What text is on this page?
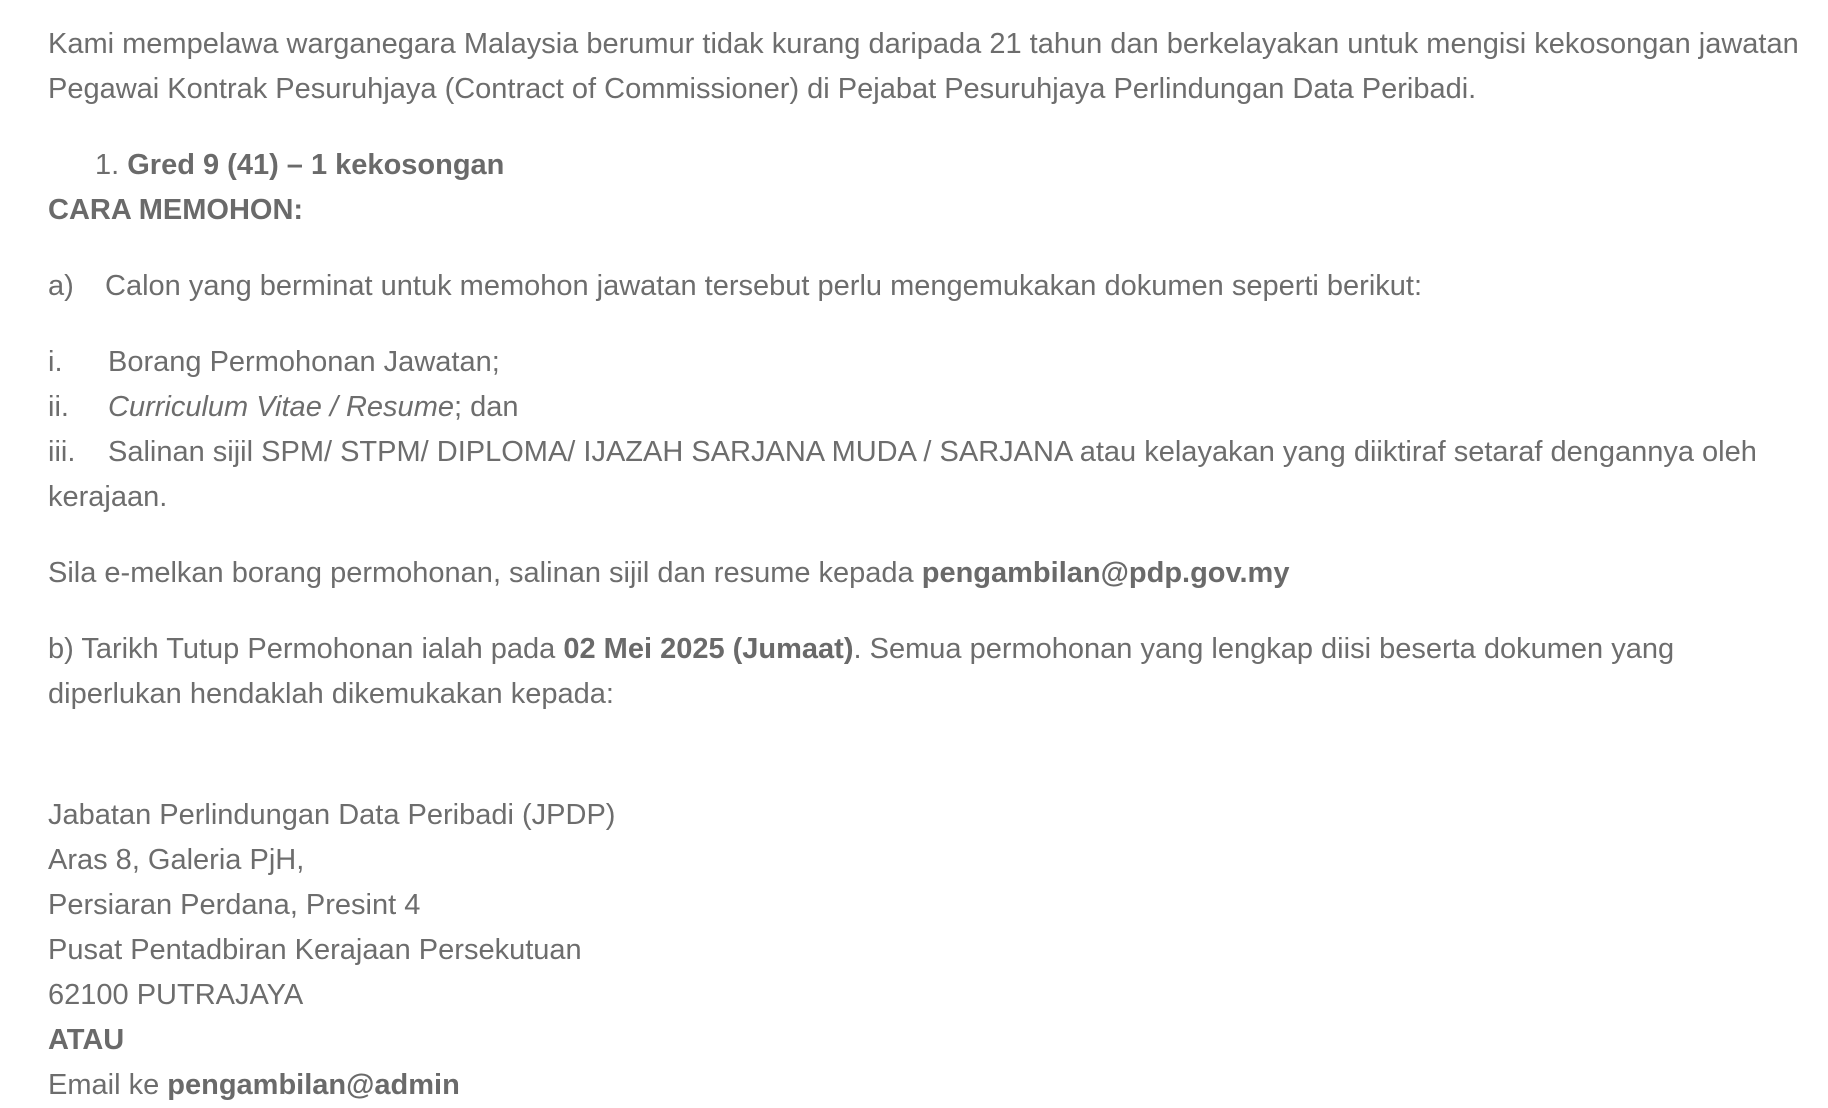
Kami mempelawa warganegara Malaysia berumur tidak kurang daripada 21 tahun dan berkelayakan untuk mengisi kekosongan jawatan Pegawai Kontrak Pesuruhjaya (Contract of Commissioner) di Pejabat Pesuruhjaya Perlindungan Data Peribadi.

1. Gred 9 (41) – 1 kekosongan

CARA MEMOHON:

a) Calon yang berminat untuk memohon jawatan tersebut perlu mengemukakan dokumen seperti berikut:

i. Borang Permohonan Jawatan;

ii. Curriculum Vitae / Resume; dan

iii. Salinan sijil SPM/ STPM/ DIPLOMA/ IJAZAH SARJANA MUDA / SARJANA atau kelayakan yang diiktiraf setaraf dengannya oleh kerajaan.

Sila e-melkan borang permohonan, salinan sijil dan resume kepada pengambilan@pdp.gov.my

b) Tarikh Tutup Permohonan ialah pada 02 Mei 2025 (Jumaat). Semua permohonan yang lengkap diisi beserta dokumen yang diperlukan hendaklah dikemukakan kepada:

Jabatan Perlindungan Data Peribadi (JPDP)

Aras 8, Galeria PjH,

Persiaran Perdana, Presint 4

Pusat Pentadbiran Kerajaan Persekutuan

62100 PUTRAJAYA

ATAU

Email ke pengambilan@admin
